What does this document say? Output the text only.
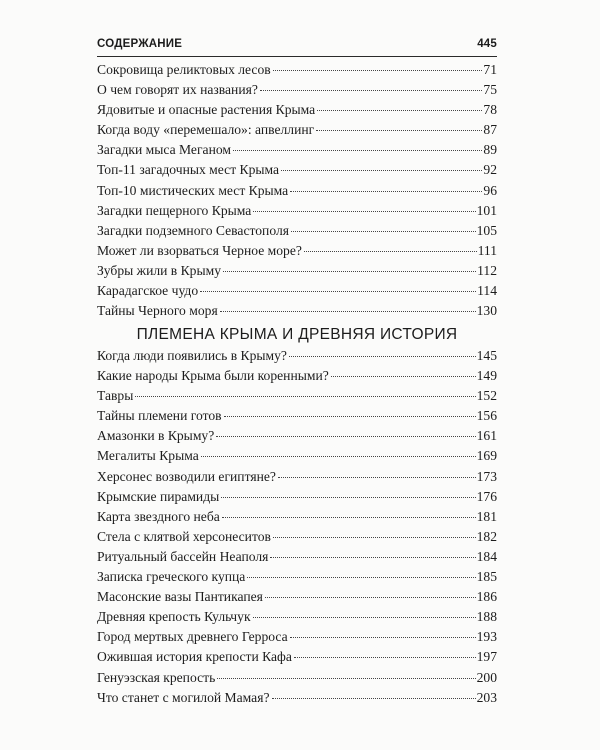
СОДЕРЖАНИЕ	445
Сокровища реликтовых лесов	71
О чем говорят их названия?	75
Ядовитые и опасные растения Крыма	78
Когда воду «перемешало»: апвеллинг	87
Загадки мыса Меганом	89
Топ-11 загадочных мест Крыма	92
Топ-10 мистических мест Крыма	96
Загадки пещерного Крыма	101
Загадки подземного Севастополя	105
Может ли взорваться Черное море?	111
Зубры жили в Крыму	112
Карадагское чудо	114
Тайны Черного моря	130
ПЛЕМЕНА КРЫМА И ДРЕВНЯЯ ИСТОРИЯ
Когда люди появились в Крыму?	145
Какие народы Крыма были коренными?	149
Тавры	152
Тайны племени готов	156
Амазонки в Крыму?	161
Мегалиты Крыма	169
Херсонес возводили египтяне?	173
Крымские пирамиды	176
Карта звездного неба	181
Стела с клятвой херсонеситов	182
Ритуальный бассейн Неаполя	184
Записка греческого купца	185
Масонские вазы Пантикапея	186
Древняя крепость Кульчук	188
Город мертвых древнего Герроса	193
Ожившая история крепости Кафа	197
Генуэзская крепость	200
Что станет с могилой Мамая?	203
